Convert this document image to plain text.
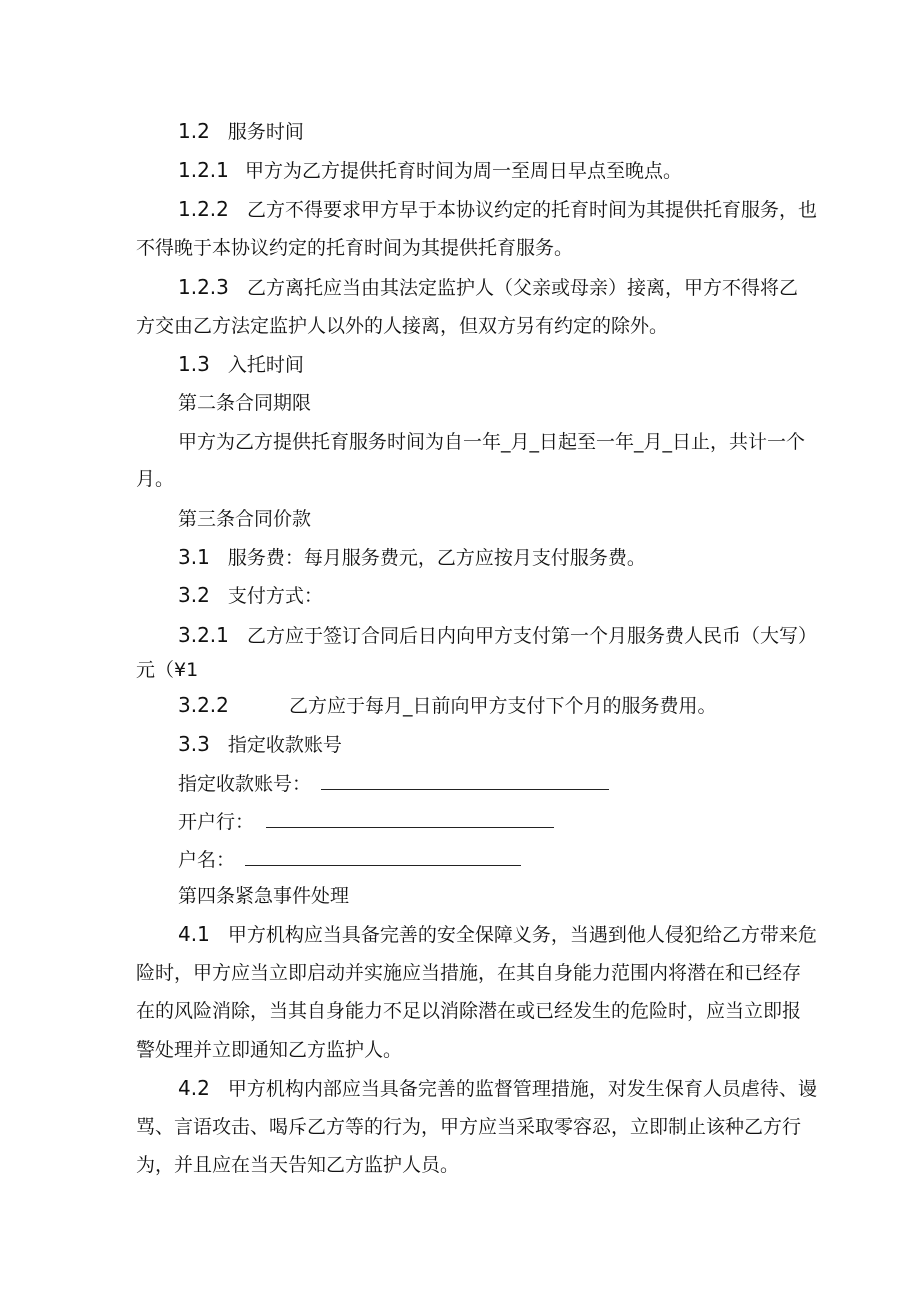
1.2 服务时间
1.2.1 甲方为乙方提供托育时间为周一至周日早点至晚点。
1.2.2 乙方不得要求甲方早于本协议约定的托育时间为其提供托育服务，也
不得晚于本协议约定的托育时间为其提供托育服务。
1.2.3 乙方离托应当由其法定监护人（父亲或母亲）接离，甲方不得将乙
方交由乙方法定监护人以外的人接离，但双方另有约定的除外。
1.3 入托时间
第二条合同期限
甲方为乙方提供托育服务时间为自一年_月_日起至一年_月_日止，共计一个
月。
第三条合同价款
3.1 服务费：每月服务费元，乙方应按月支付服务费。
3.2 支付方式：
3.2.1 乙方应于签订合同后日内向甲方支付第一个月服务费人民币（大写）
元（¥1
3.2.2	乙方应于每月_日前向甲方支付下个月的服务费用。
3.3 指定收款账号
指定收款账号：
开户行：
户名：
第四条紧急事件处理
4.1 甲方机构应当具备完善的安全保障义务，当遇到他人侵犯给乙方带来危
险时，甲方应当立即启动并实施应当措施，在其自身能力范围内将潜在和已经存
在的风险消除，当其自身能力不足以消除潜在或已经发生的危险时，应当立即报
警处理并立即通知乙方监护人。
4.2 甲方机构内部应当具备完善的监督管理措施，对发生保育人员虐待、谩
骂、言语攻击、喝斥乙方等的行为，甲方应当采取零容忍，立即制止该种乙方行
为，并且应在当天告知乙方监护人员。
